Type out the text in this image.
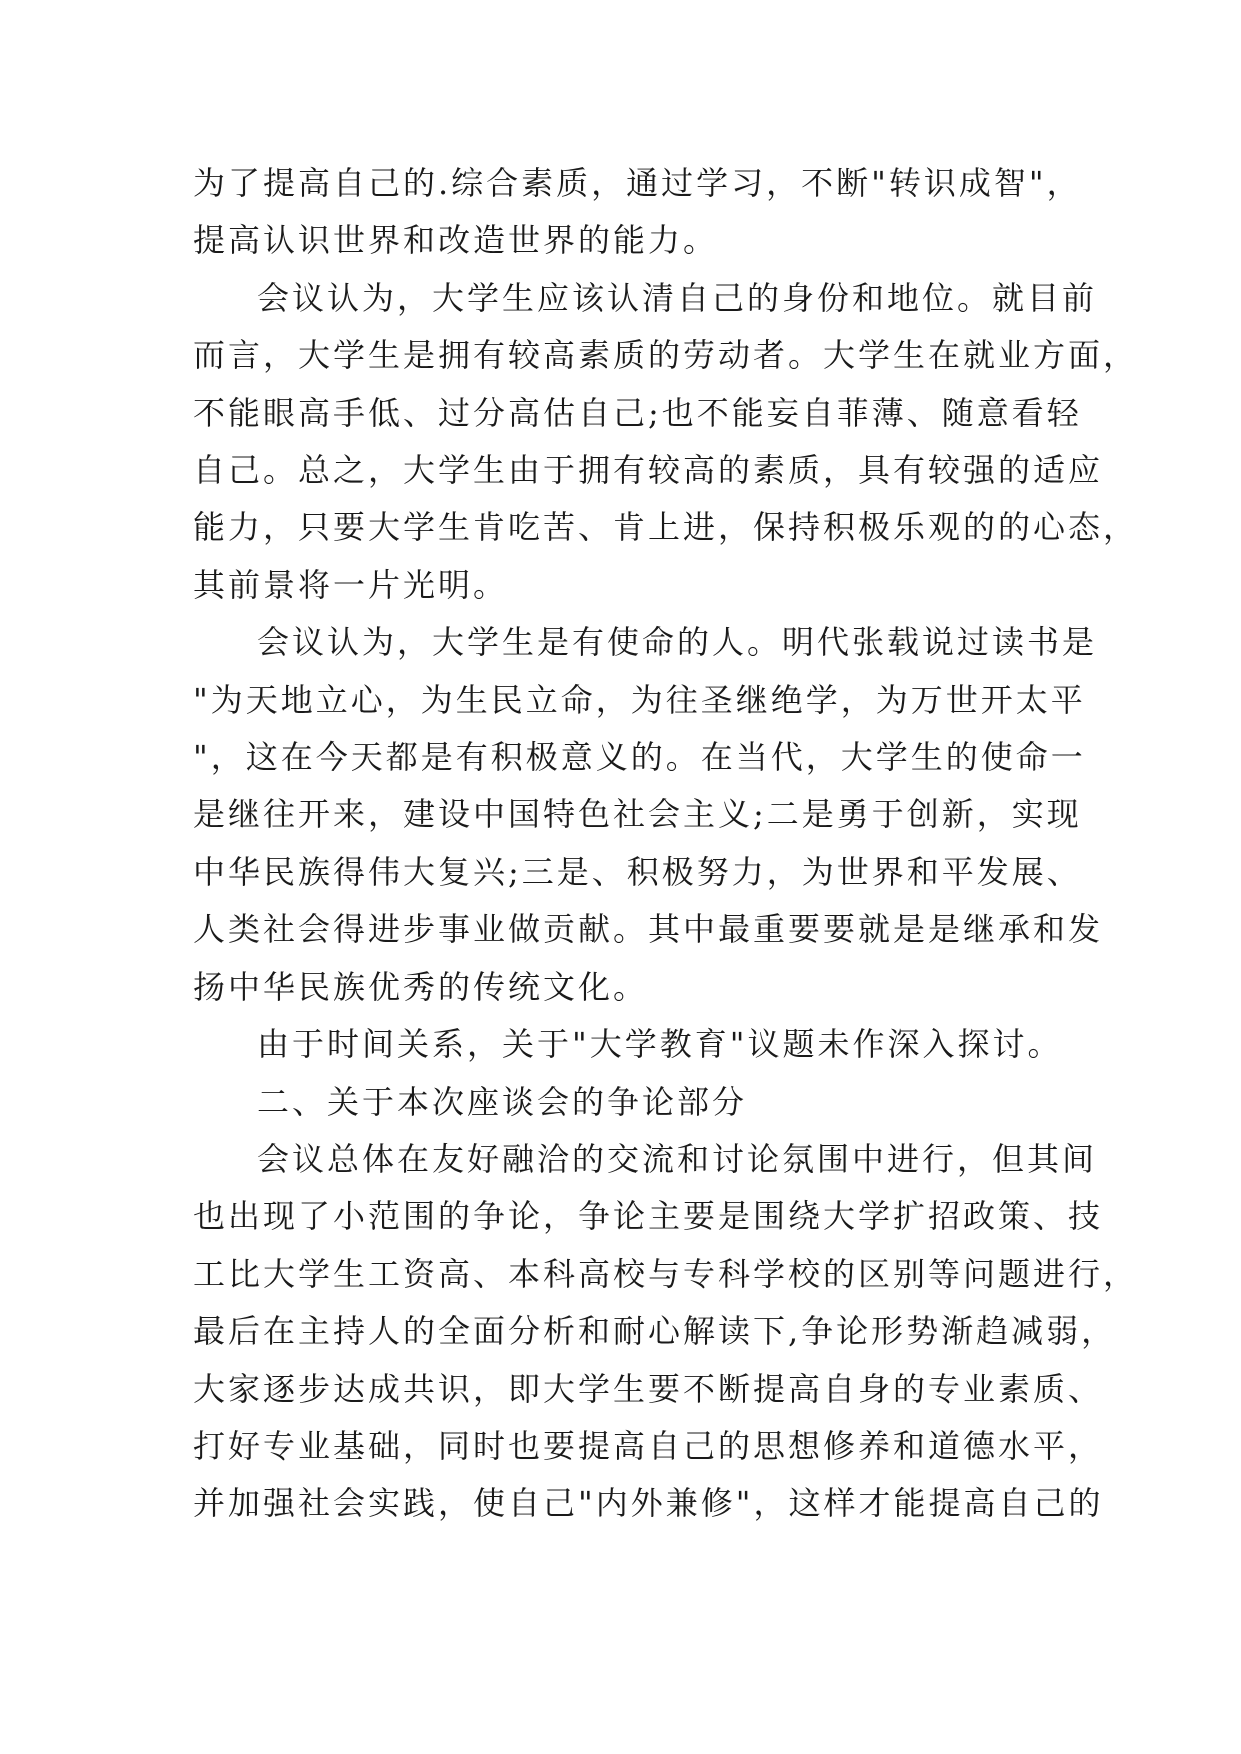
为了提高自己的.综合素质，通过学习，不断"转识成智"，
提高认识世界和改造世界的能力。

会议认为，大学生应该认清自己的身份和地位。就目前
而言，大学生是拥有较高素质的劳动者。大学生在就业方面，
不能眼高手低、过分高估自己;也不能妄自菲薄、随意看轻
自己。总之，大学生由于拥有较高的素质，具有较强的适应
能力，只要大学生肯吃苦、肯上进，保持积极乐观的的心态，
其前景将一片光明。

会议认为，大学生是有使命的人。明代张载说过读书是
"为天地立心，为生民立命，为往圣继绝学，为万世开太平
"，这在今天都是有积极意义的。在当代，大学生的使命一
是继往开来，建设中国特色社会主义;二是勇于创新，实现
中华民族得伟大复兴;三是、积极努力，为世界和平发展、
人类社会得进步事业做贡献。其中最重要要就是是继承和发
扬中华民族优秀的传统文化。

由于时间关系，关于"大学教育"议题未作深入探讨。

二、关于本次座谈会的争论部分

会议总体在友好融洽的交流和讨论氛围中进行，但其间
也出现了小范围的争论，争论主要是围绕大学扩招政策、技
工比大学生工资高、本科高校与专科学校的区别等问题进行，
最后在主持人的全面分析和耐心解读下,争论形势渐趋减弱，
大家逐步达成共识，即大学生要不断提高自身的专业素质、
打好专业基础，同时也要提高自己的思想修养和道德水平，
并加强社会实践，使自己"内外兼修"，这样才能提高自己的
